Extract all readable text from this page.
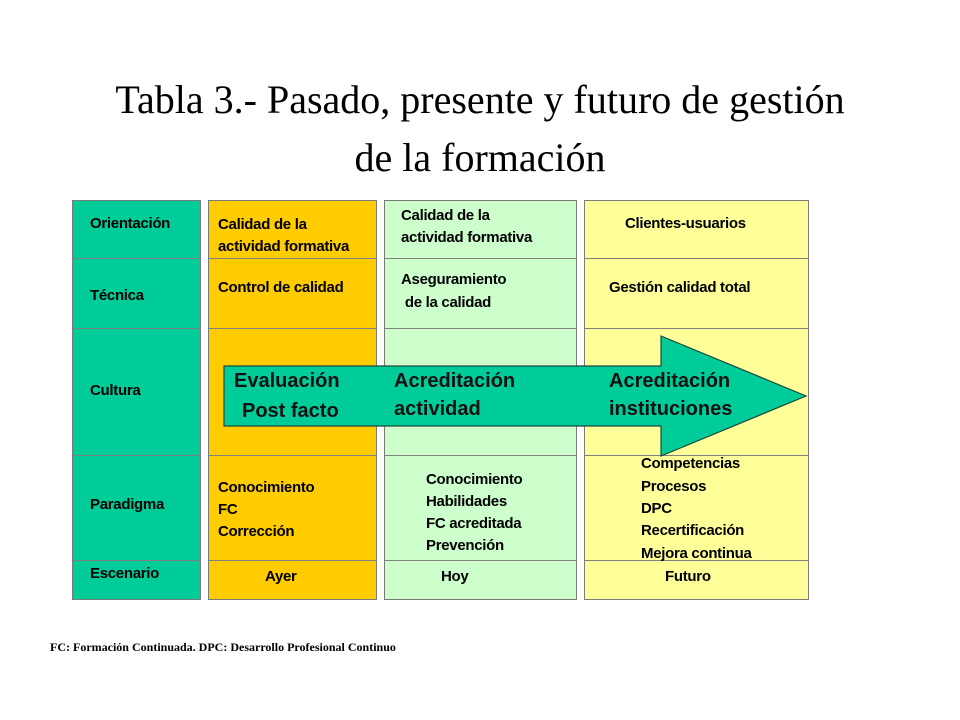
Tabla 3.- Pasado, presente y futuro de gestión
de la formación
Orientación
Técnica
Cultura
Paradigma
Escenario
Calidad de la
actividad formativa
Control de calidad
Conocimiento
FC
Corrección
Ayer
Calidad de la
actividad formativa
Aseguramiento
de la calidad
Conocimiento
Habilidades
FC acreditada
Prevención
Hoy
Clientes-usuarios
Gestión calidad total
Competencias
Procesos
DPC
Recertificación
Mejora continua
Futuro
Evaluación
Post facto
Acreditación
actividad
Acreditación
instituciones
FC: Formación Continuada. DPC: Desarrollo Profesional Continuo
